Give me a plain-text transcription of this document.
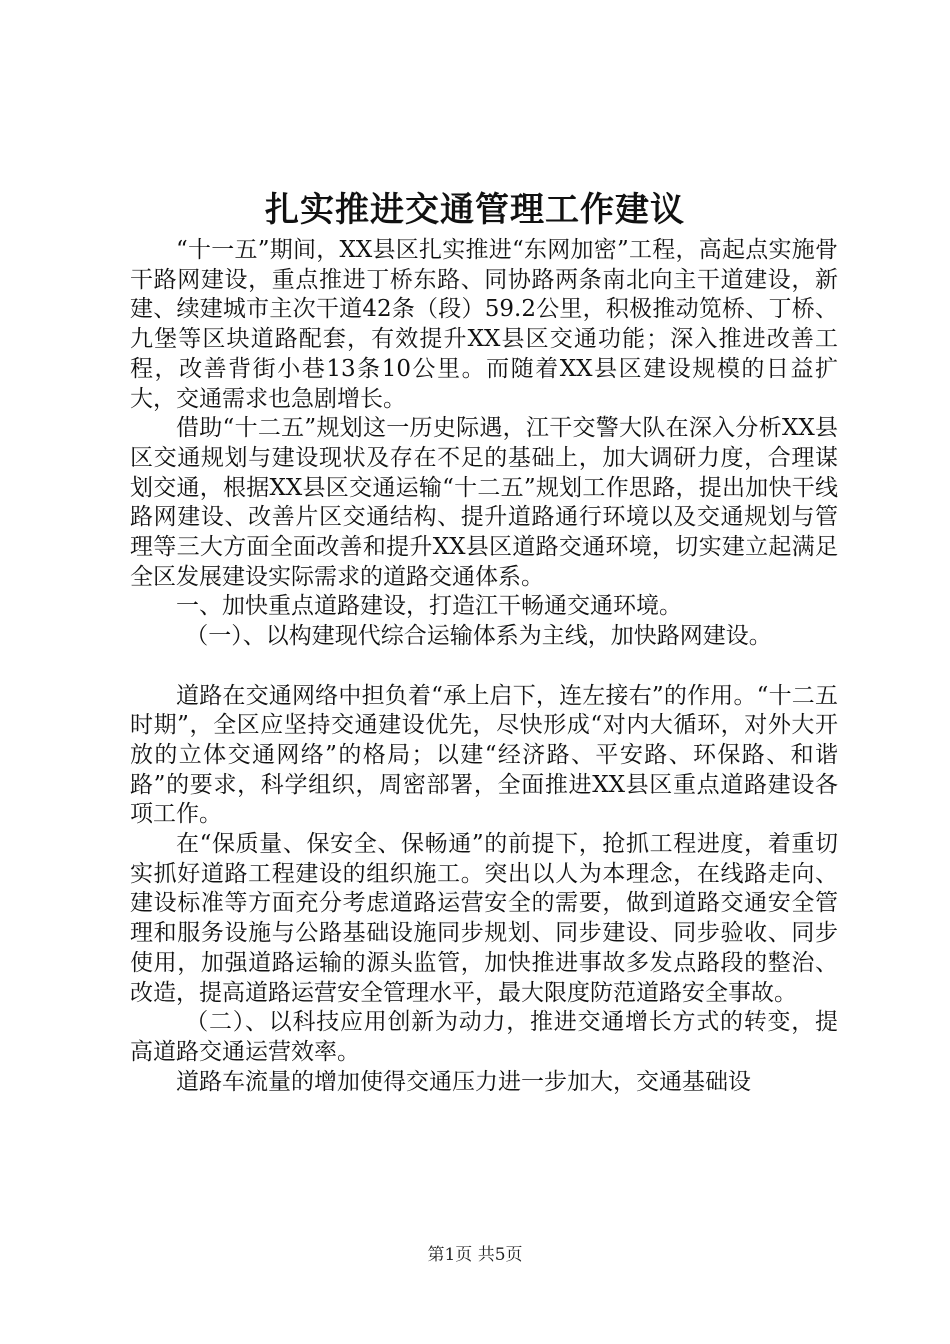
扎实推进交通管理工作建议

“十一五”期间，XX县区扎实推进“东网加密”工程，高起点实施骨干路网建设，重点推进丁桥东路、同协路两条南北向主干道建设，新建、续建城市主次干道42条（段）59.2公里，积极推动笕桥、丁桥、九堡等区块道路配套，有效提升XX县区交通功能；深入推进改善工程，改善背街小巷13条10公里。而随着XX县区建设规模的日益扩大，交通需求也急剧增长。

借助“十二五”规划这一历史际遇，江干交警大队在深入分析XX县区交通规划与建设现状及存在不足的基础上，加大调研力度，合理谋划交通，根据XX县区交通运输“十二五”规划工作思路，提出加快干线路网建设、改善片区交通结构、提升道路通行环境以及交通规划与管理等三大方面全面改善和提升XX县区道路交通环境，切实建立起满足全区发展建设实际需求的道路交通体系。

一、加快重点道路建设，打造江干畅通交通环境。

（一）、以构建现代综合运输体系为主线，加快路网建设。

道路在交通网络中担负着“承上启下，连左接右”的作用。“十二五时期”，全区应坚持交通建设优先，尽快形成“对内大循环，对外大开放的立体交通网络”的格局；以建“经济路、平安路、环保路、和谐路”的要求，科学组织，周密部署，全面推进XX县区重点道路建设各项工作。

在“保质量、保安全、保畅通”的前提下，抢抓工程进度，着重切实抓好道路工程建设的组织施工。突出以人为本理念，在线路走向、建设标准等方面充分考虑道路运营安全的需要，做到道路交通安全管理和服务设施与公路基础设施同步规划、同步建设、同步验收、同步使用，加强道路运输的源头监管，加快推进事故多发点路段的整治、改造，提高道路运营安全管理水平，最大限度防范道路安全事故。

（二）、以科技应用创新为动力，推进交通增长方式的转变，提高道路交通运营效率。

道路车流量的增加使得交通压力进一步加大，交通基础设

第1页 共5页
